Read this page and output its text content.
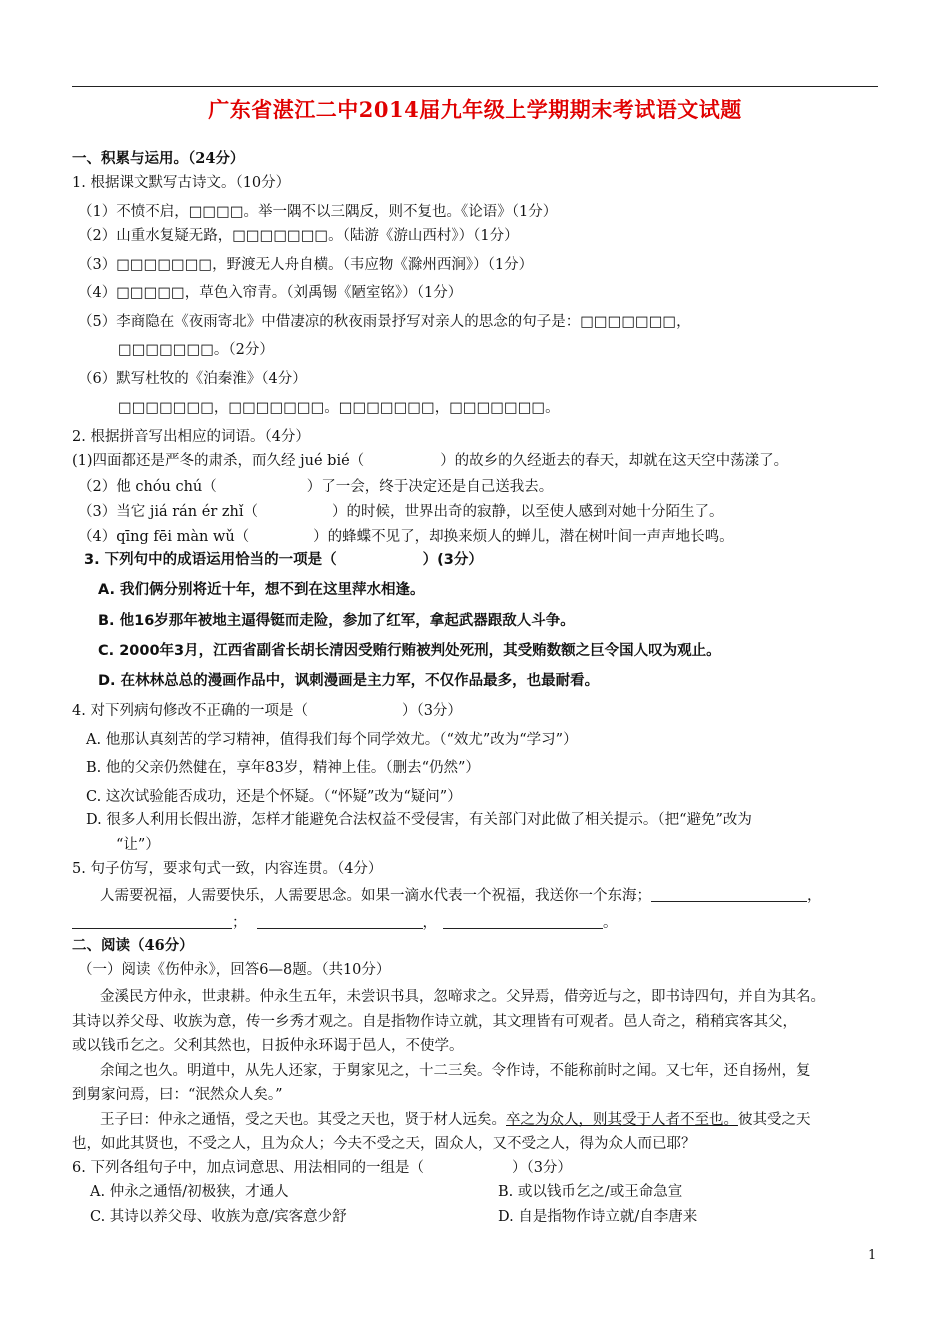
广东省湛江二中2014届九年级上学期期末考试语文试题
一、积累与运用。（24分）
1. 根据课文默写古诗文。（10分）
（1）不愤不启，□□□□。举一隅不以三隅反，则不复也。《论语》（1分）
（2）山重水复疑无路，□□□□□□□。（陆游《游山西村》）（1分）
（3）□□□□□□□，野渡无人舟自横。（韦应物《滁州西涧》）（1分）
（4）□□□□□，草色入帘青。（刘禹锡《陋室铭》）（1分）
（5）李商隐在《夜雨寄北》中借凄凉的秋夜雨景抒写对亲人的思念的句子是：□□□□□□□，
□□□□□□□。（2分）
（6）默写杜牧的《泊秦淮》（4分）
□□□□□□□，□□□□□□□。□□□□□□□，□□□□□□□。
2. 根据拼音写出相应的词语。（4分）
(1)四面都还是严冬的肃杀，而久经 jué bié（	）的故乡的久经逝去的春天，却就在这天空中荡漾了。
（2）他 chóu chú（	）了一会，终于决定还是自己送我去。
（3）当它 jiá rán ér zhǐ（	）的时候，世界出奇的寂静，以至使人感到对她十分陌生了。
（4）qīng fēi màn wǔ（	）的蜂蝶不见了，却换来烦人的蝉儿，潜在树叶间一声声地长鸣。
3. 下列句中的成语运用恰当的一项是（	）(3分）
A. 我们俩分别将近十年，想不到在这里萍水相逢。
B. 他16岁那年被地主逼得铤而走险，参加了红军，拿起武器跟敌人斗争。
C. 2000年3月，江西省副省长胡长清因受贿行贿被判处死刑，其受贿数额之巨令国人叹为观止。
D. 在林林总总的漫画作品中，讽刺漫画是主力军，不仅作品最多，也最耐看。
4. 对下列病句修改不正确的一项是（	）（3分）
A. 他那认真刻苦的学习精神，值得我们每个同学效尤。（“效尤”改为“学习”）
B. 他的父亲仍然健在，享年83岁，精神上佳。（删去“仍然”）
C. 这次试验能否成功，还是个怀疑。（“怀疑”改为“疑问”）
D. 很多人利用长假出游，怎样才能避免合法权益不受侵害，有关部门对此做了相关提示。（把“避免”改为
“让”）
5. 句子仿写，要求句式一致，内容连贯。（4分）
人需要祝福，人需要快乐，人需要思念。如果一滴水代表一个祝福，我送你一个东海；	，
；	，	。
二、阅读（46分）
（一）阅读《伤仲永》，回答6—8题。（共10分）
金溪民方仲永，世隶耕。仲永生五年，未尝识书具，忽啼求之。父异焉，借旁近与之，即书诗四句，并自为其名。
其诗以养父母、收族为意，传一乡秀才观之。自是指物作诗立就，其文理皆有可观者。邑人奇之，稍稍宾客其父，
或以钱币乞之。父利其然也，日扳仲永环谒于邑人，不使学。
余闻之也久。明道中，从先人还家，于舅家见之，十二三矣。令作诗，不能称前时之闻。又七年，还自扬州，复
到舅家问焉，曰：“泯然众人矣。”
王子曰：仲永之通悟，受之天也。其受之天也，贤于材人远矣。卒之为众人，则其受于人者不至也。彼其受之天
也，如此其贤也，不受之人，且为众人；今夫不受之天，固众人，又不受之人，得为众人而已耶？
6. 下列各组句子中，加点词意思、用法相同的一组是（	）（3分）
A. 仲永之通悟/初极狭，才通人	B. 或以钱币乞之/或王命急宣
C. 其诗以养父母、收族为意/宾客意少舒	D. 自是指物作诗立就/自李唐来
1
